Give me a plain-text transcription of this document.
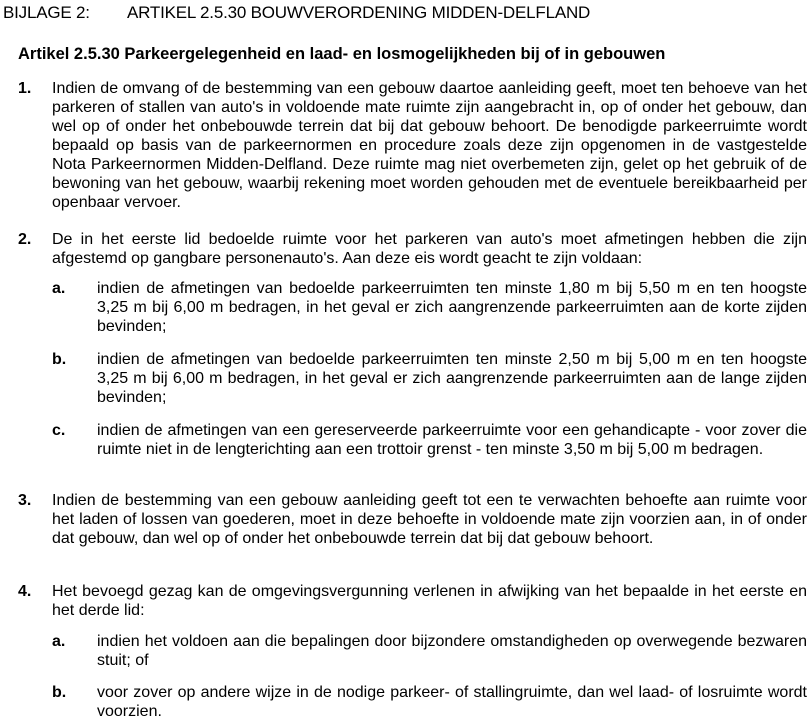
BIJLAGE 2: ARTIKEL 2.5.30 BOUWVERORDENING MIDDEN-DELFLAND
Artikel 2.5.30 Parkeergelegenheid en laad- en losmogelijkheden bij of in gebouwen
1. Indien de omvang of de bestemming van een gebouw daartoe aanleiding geeft, moet ten behoeve van het parkeren of stallen van auto's in voldoende mate ruimte zijn aangebracht in, op of onder het gebouw, dan wel op of onder het onbebouwde terrein dat bij dat gebouw behoort. De benodigde parkeerruimte wordt bepaald op basis van de parkeernormen en procedure zoals deze zijn opgenomen in de vastgestelde Nota Parkeernormen Midden-Delfland. Deze ruimte mag niet overbemeten zijn, gelet op het gebruik of de bewoning van het gebouw, waarbij rekening moet worden gehouden met de eventuele bereikbaarheid per openbaar vervoer.
2. De in het eerste lid bedoelde ruimte voor het parkeren van auto's moet afmetingen hebben die zijn afgestemd op gangbare personenauto's. Aan deze eis wordt geacht te zijn voldaan:
a. indien de afmetingen van bedoelde parkeerruimten ten minste 1,80 m bij 5,50 m en ten hoogste 3,25 m bij 6,00 m bedragen, in het geval er zich aangrenzende parkeerruimten aan de korte zijden bevinden;
b. indien de afmetingen van bedoelde parkeerruimten ten minste 2,50 m bij 5,00 m en ten hoogste 3,25 m bij 6,00 m bedragen, in het geval er zich aangrenzende parkeerruimten aan de lange zijden bevinden;
c. indien de afmetingen van een gereserveerde parkeerruimte voor een gehandicapte - voor zover die ruimte niet in de lengterichting aan een trottoir grenst - ten minste 3,50 m bij 5,00 m bedragen.
3. Indien de bestemming van een gebouw aanleiding geeft tot een te verwachten behoefte aan ruimte voor het laden of lossen van goederen, moet in deze behoefte in voldoende mate zijn voorzien aan, in of onder dat gebouw, dan wel op of onder het onbebouwde terrein dat bij dat gebouw behoort.
4. Het bevoegd gezag kan de omgevingsvergunning verlenen in afwijking van het bepaalde in het eerste en het derde lid:
a. indien het voldoen aan die bepalingen door bijzondere omstandigheden op overwegende bezwaren stuit; of
b. voor zover op andere wijze in de nodige parkeer- of stallingruimte, dan wel laad- of losruimte wordt voorzien.
